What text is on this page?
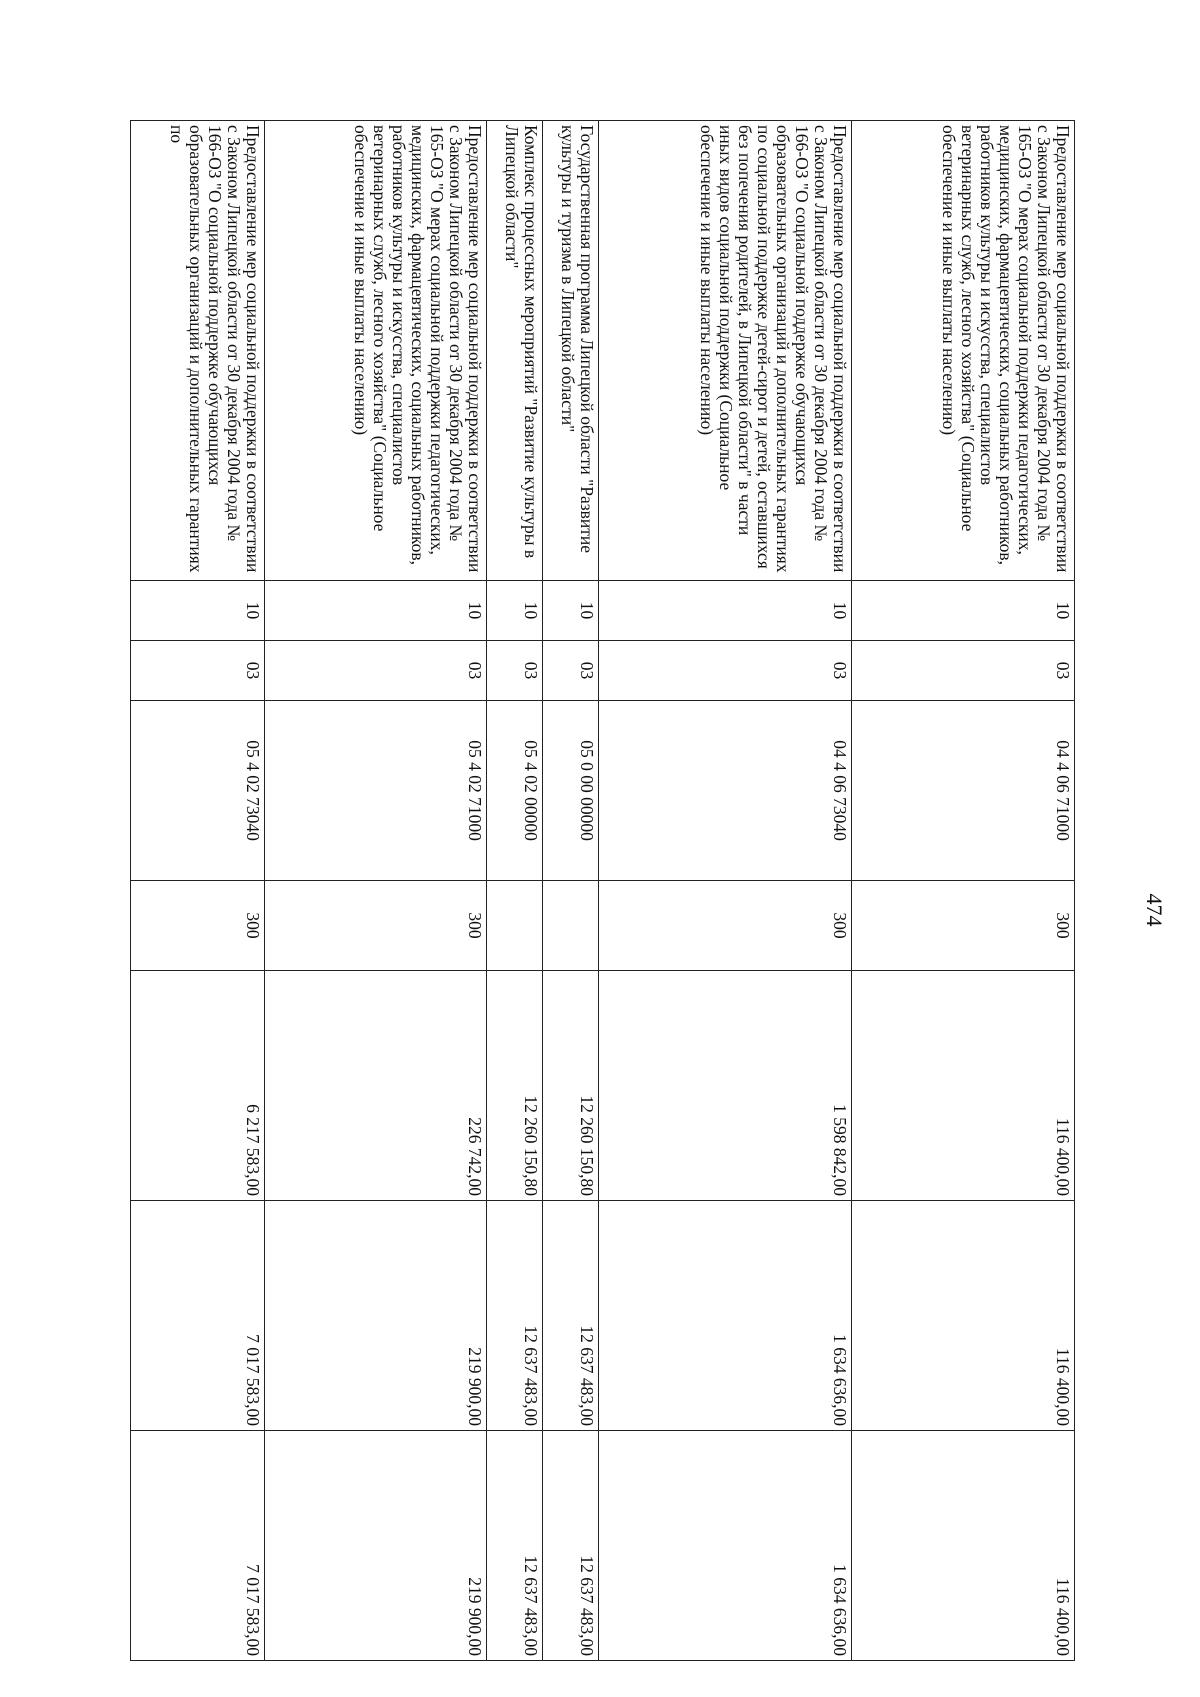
474
Предоставление мер социальной поддержки в соответствии с Законом Липецкой области от 30 декабря 2004 года № 165-ОЗ "О мерах социальной поддержки педагогических, медицинских, фармацевтических, социальных работников, работников культуры и искусства, специалистов ветеринарных служб, лесного хозяйства" (Социальное обеспечение и иные выплаты населению)	10	03	04 4 06 71000	300	116 400,00	116 400,00	116 400,00
Предоставление мер социальной поддержки в соответствии с Законом Липецкой области от 30 декабря 2004 года № 166-ОЗ "О социальной поддержке обучающихся образовательных организаций и дополнительных гарантиях по социальной поддержке детей-сирот и детей, оставшихся без попечения родителей, в Липецкой области" в части иных видов социальной поддержки (Социальное обеспечение и иные выплаты населению)	10	03	04 4 06 73040	300	1 598 842,00	1 634 636,00	1 634 636,00
Государственная программа Липецкой области "Развитие культуры и туризма в Липецкой области"	10	03	05 0 00 00000		12 260 150,80	12 637 483,00	12 637 483,00
Комплекс процессных мероприятий "Развитие культуры в Липецкой области"	10	03	05 4 02 00000		12 260 150,80	12 637 483,00	12 637 483,00
Предоставление мер социальной поддержки в соответствии с Законом Липецкой области от 30 декабря 2004 года № 165-ОЗ "О мерах социальной поддержки педагогических, медицинских, фармацевтических, социальных работников, работников культуры и искусства, специалистов ветеринарных служб, лесного хозяйства" (Социальное обеспечение и иные выплаты населению)	10	03	05 4 02 71000	300	226 742,00	219 900,00	219 900,00
Предоставление мер социальной поддержки в соответствии с Законом Липецкой области от 30 декабря 2004 года № 166-ОЗ "О социальной поддержке обучающихся образовательных организаций и дополнительных гарантиях по	10	03	05 4 02 73040	300	6 217 583,00	7 017 583,00	7 017 583,00
